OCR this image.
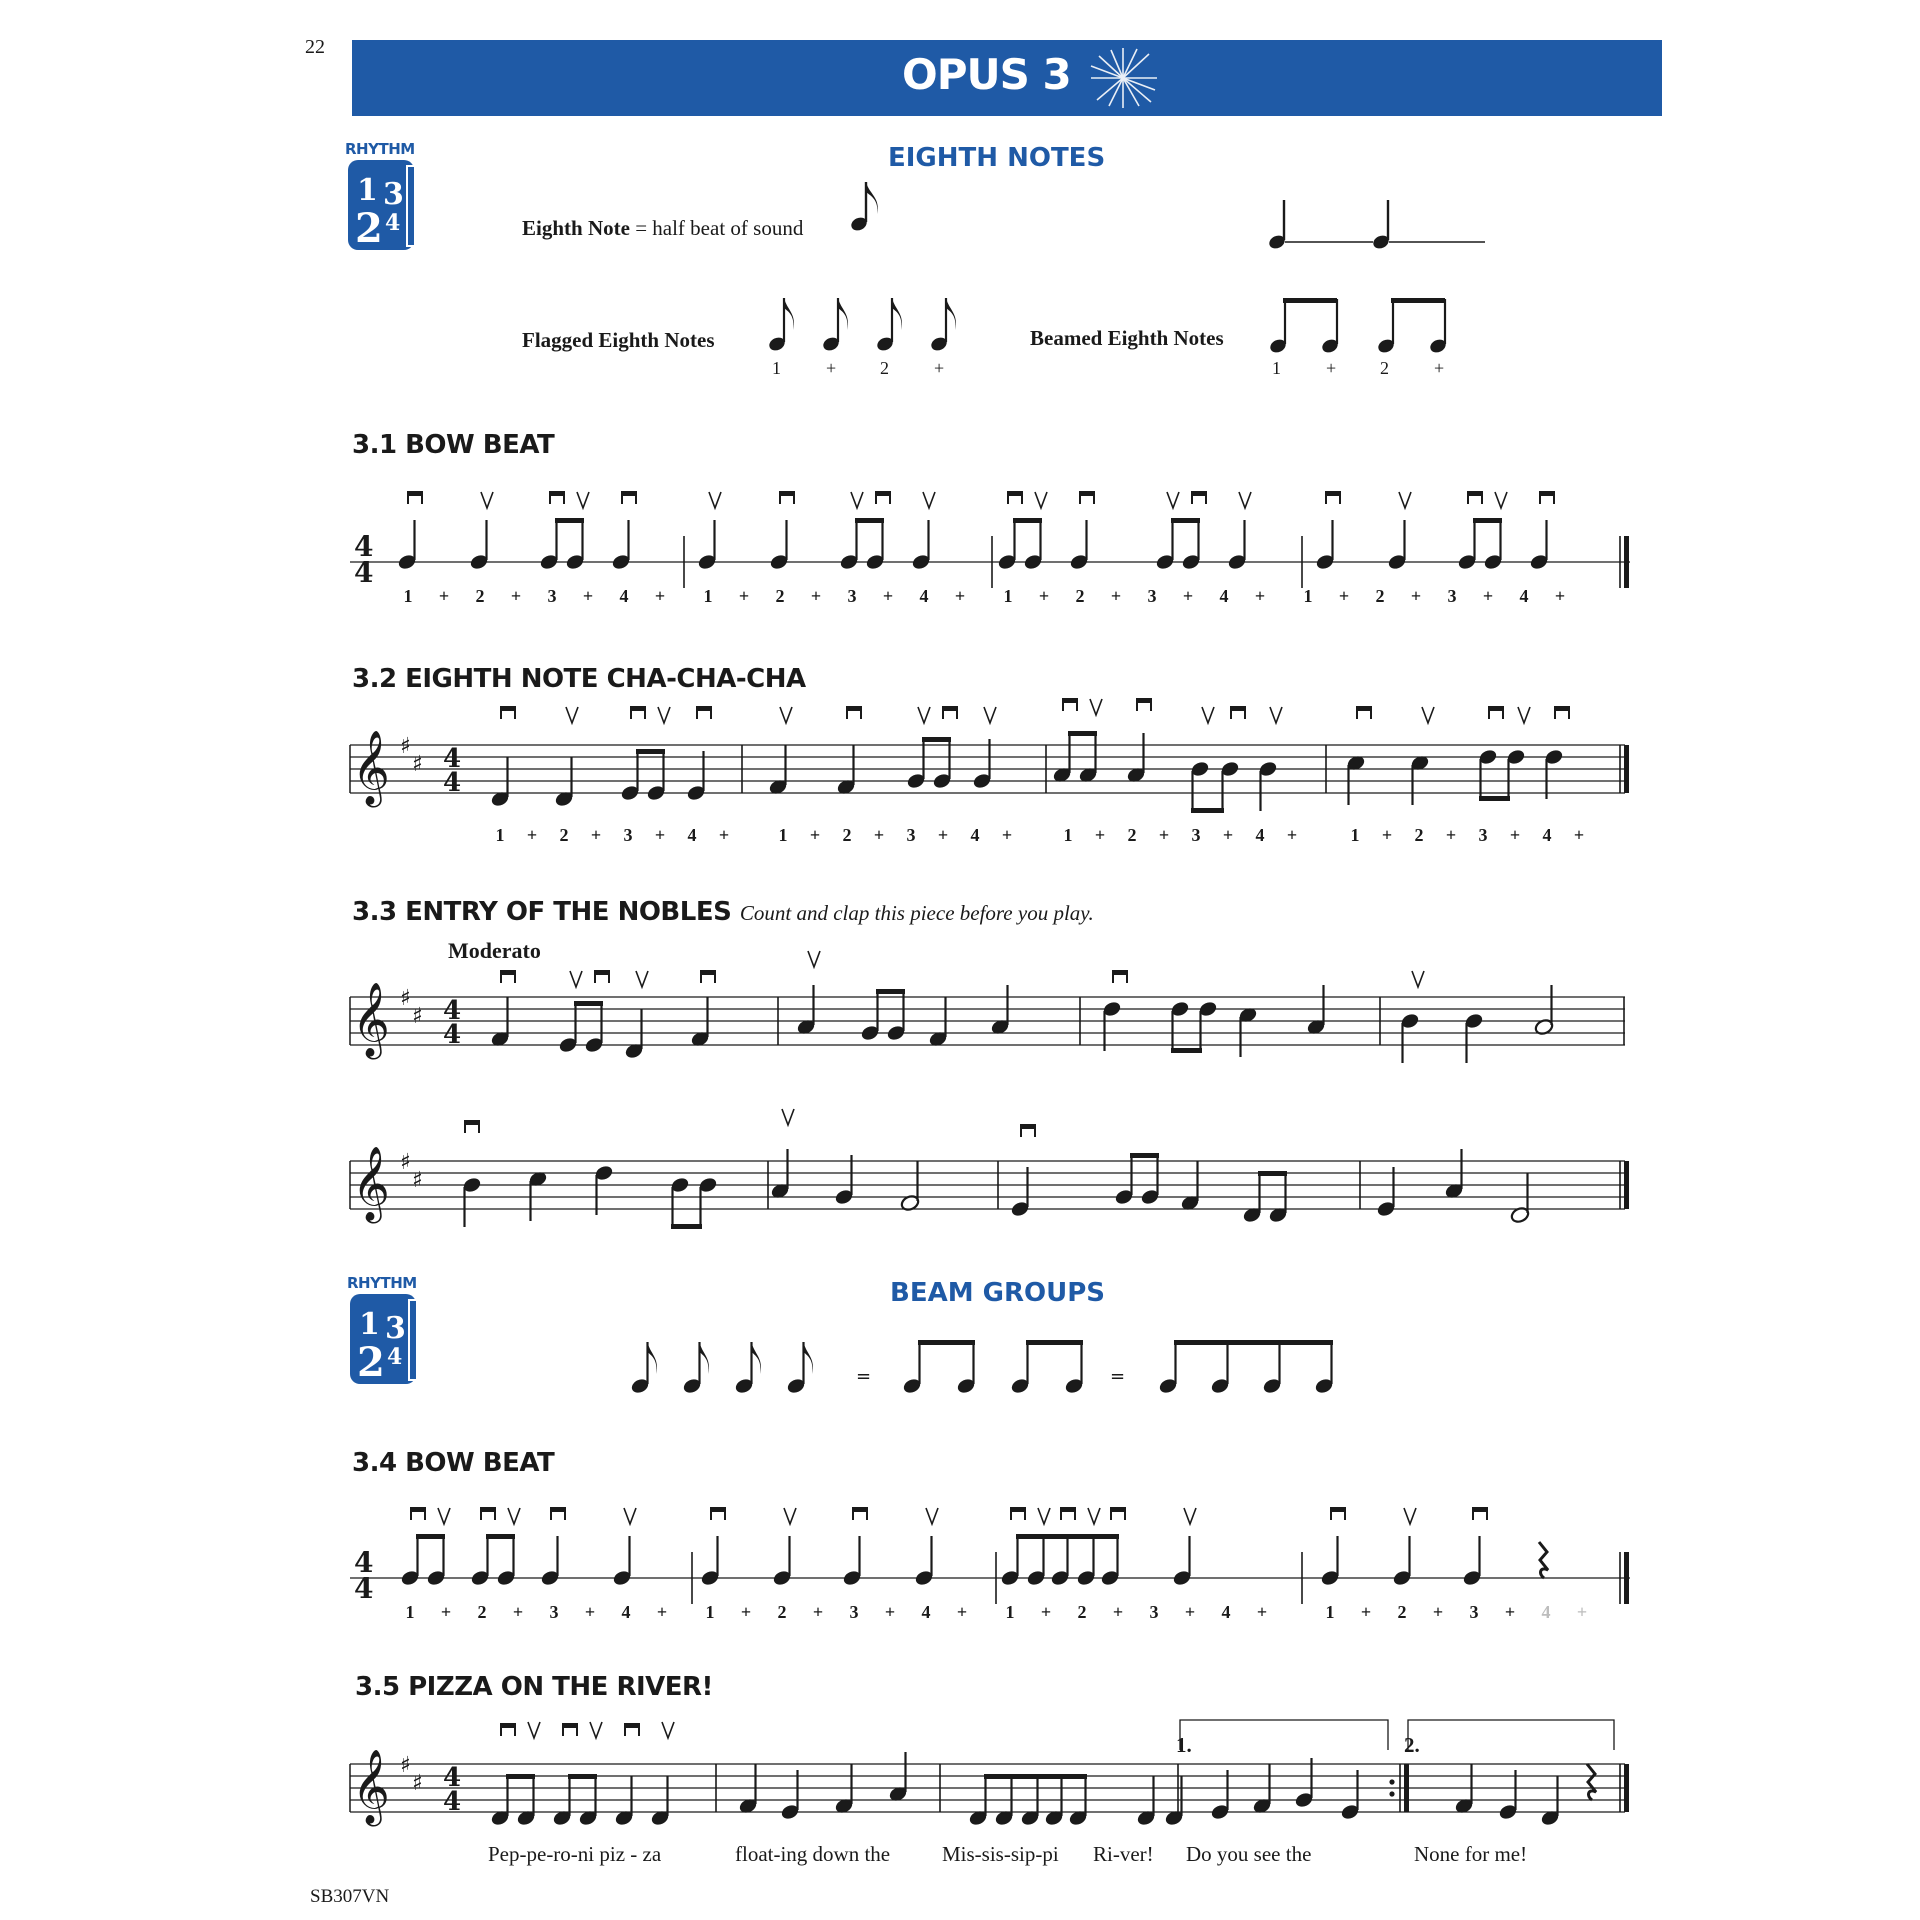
22
OPUS 3
RHYTHM
1 3
2 4
EIGHTH NOTES
Eighth Note = half beat of sound
Flagged Eighth Notes
1	+ 2	+
Beamed Eighth Notes
1	+ 2	+
3.1 BOW BEAT
4
4
1 + 2 + 3 + 4 + 1 + 2 + 3 + 4 + 1 + 2 + 3 + 4 + 1 + 2 + 3 + 4 +
3.2 EIGHTH NOTE CHA-CHA-CHA
𝄞 ♯
♯ 4
4
1 + 2 + 3 + 4 +	1 + 2 + 3 + 4 +	1 + 2 + 3 + 4 +	1 + 2 + 3 + 4 +
3.3 ENTRY OF THE NOBLES Count and clap this piece before you play.
Moderato
𝄞 ♯
♯ 4
4
𝄞 ♯
♯
RHYTHM
1 3
2 4
BEAM GROUPS
=	=
3.4 BOW BEAT
4
4
1 + 2 + 3 + 4 + 1 + 2 + 3 + 4 + 1 + 2 + 3 + 4 +	1 + 2 + 3 + 4 +
3.5 PIZZA ON THE RIVER!
𝄞 ♯
♯ 4
4
1.	2.
Pep-pe-ro-ni piz - za	float-ing down the Mis-sis-sip-pi Ri-ver! Do you see the	None for me!
SB307VN
